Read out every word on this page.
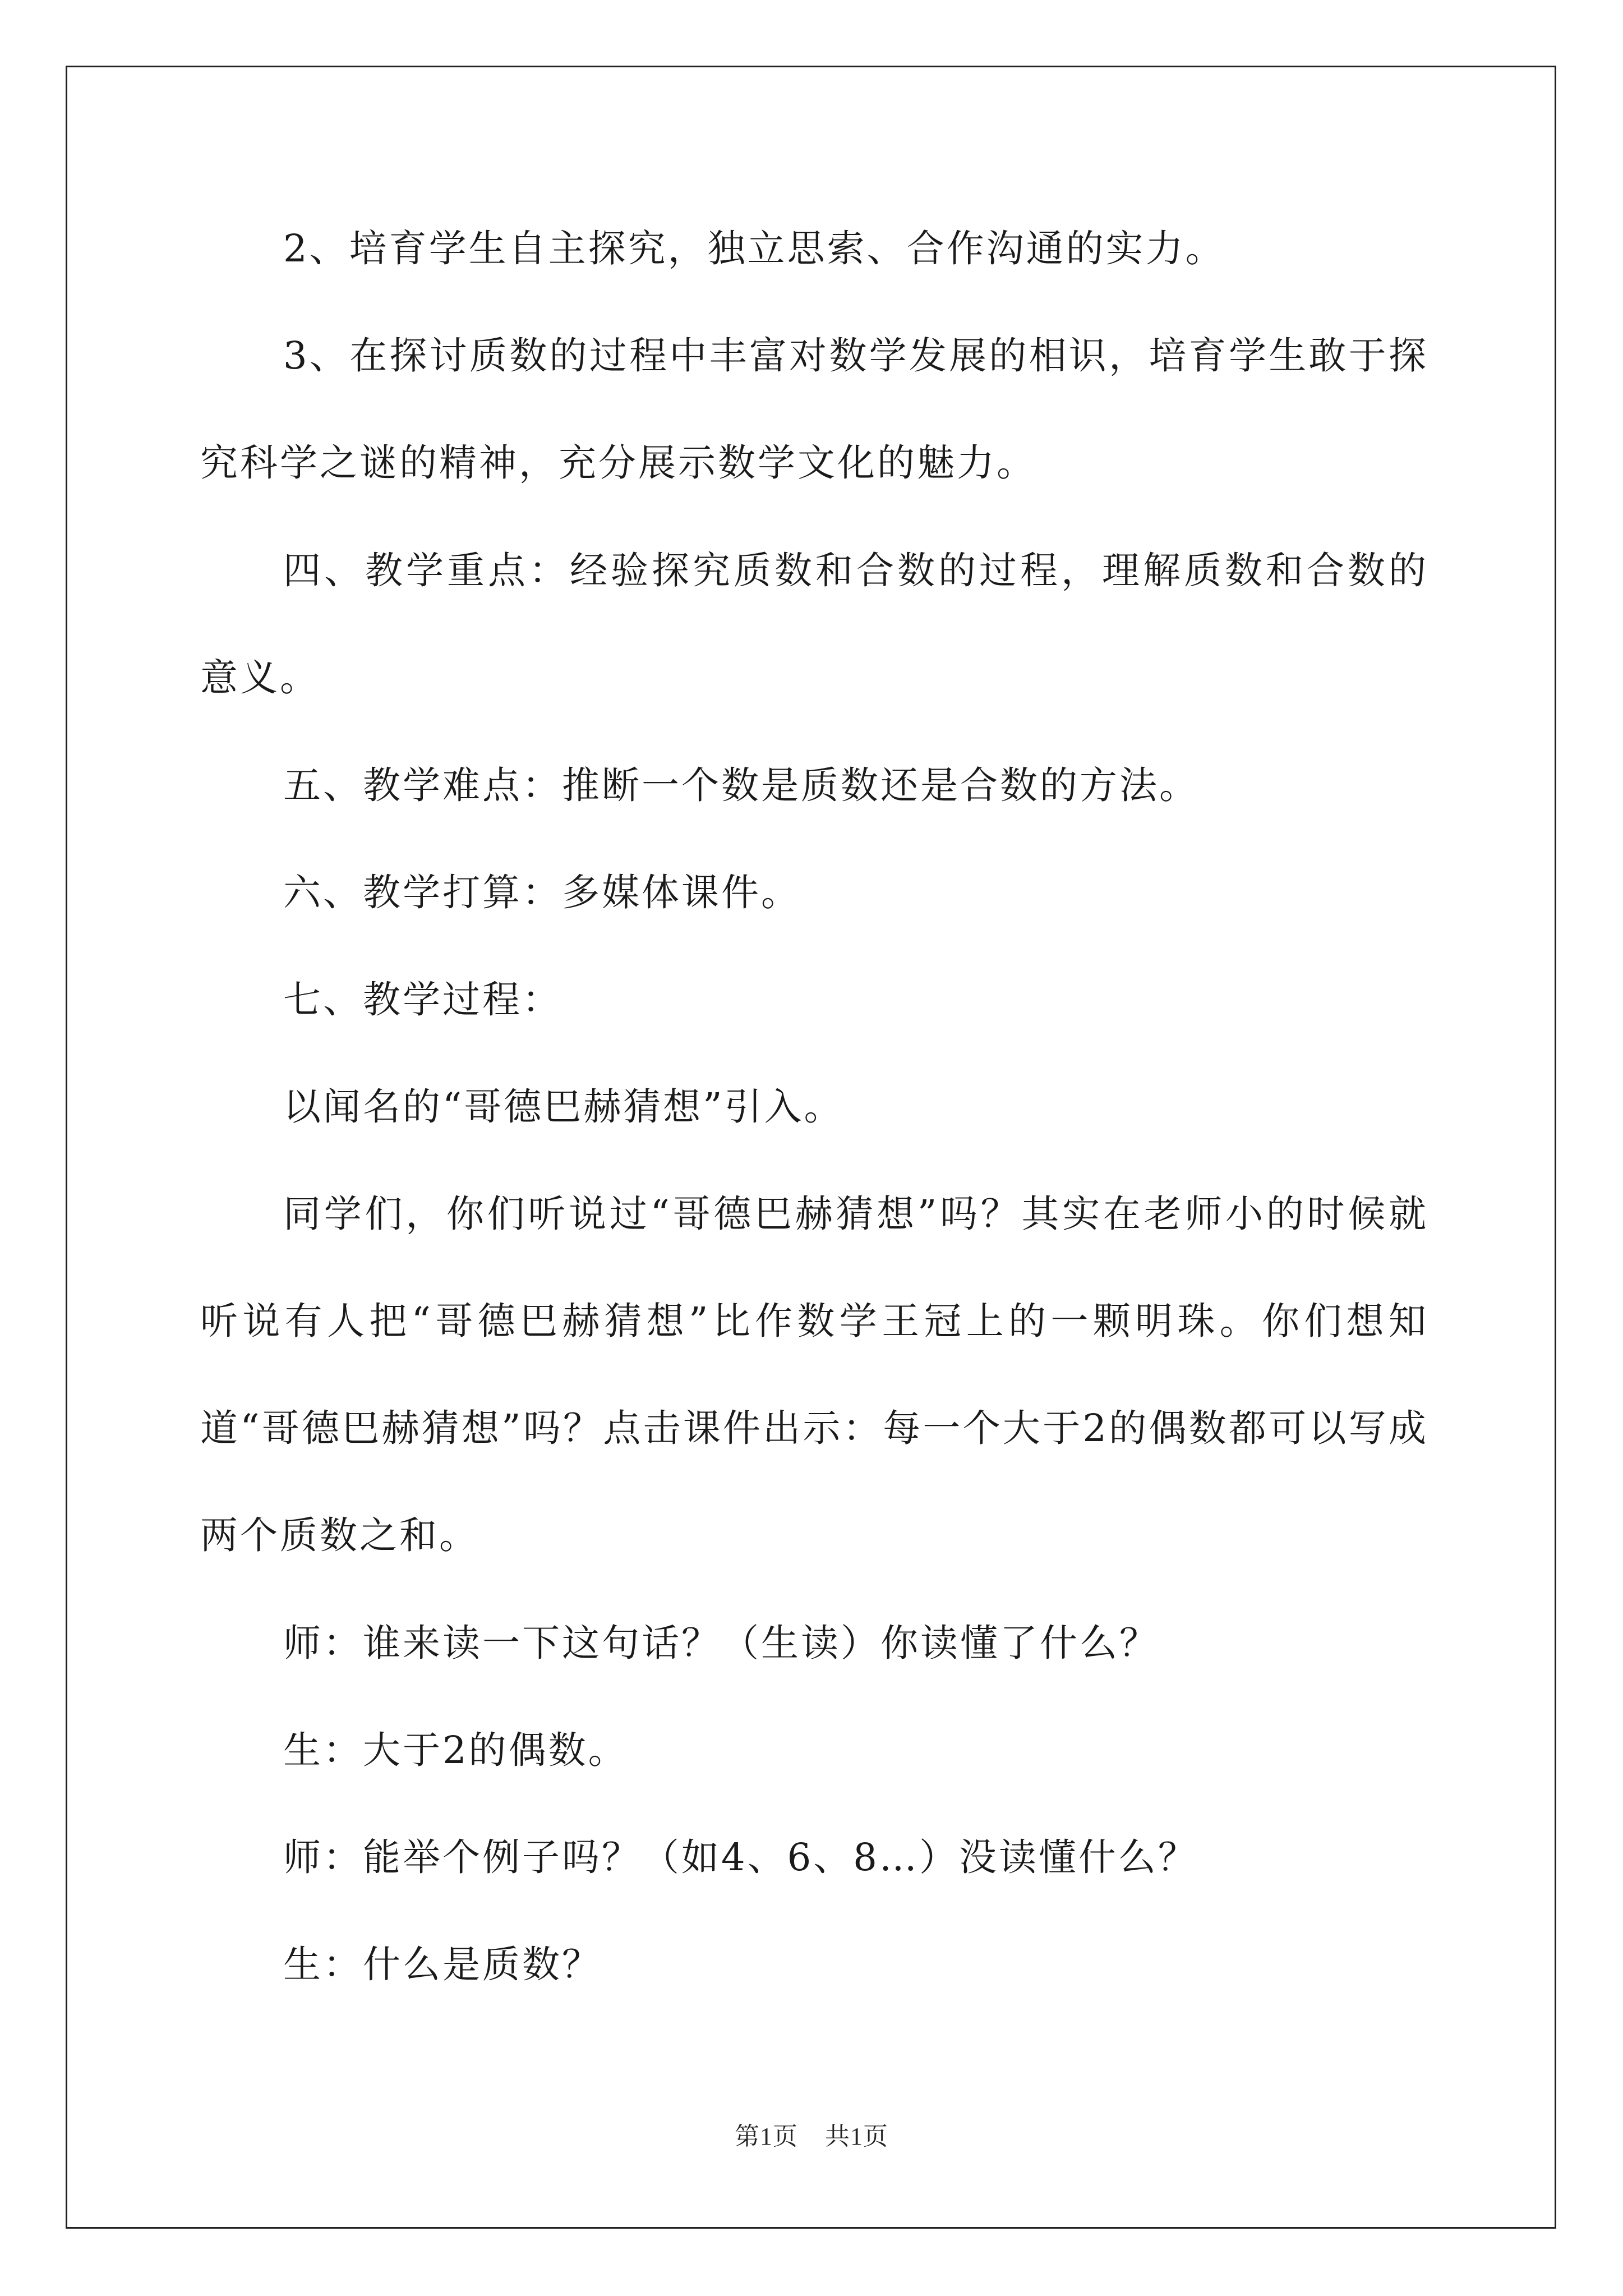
2、培育学生自主探究，独立思索、合作沟通的实力。

3、在探讨质数的过程中丰富对数学发展的相识，培育学生敢于探究科学之谜的精神，充分展示数学文化的魅力。

四、教学重点：经验探究质数和合数的过程，理解质数和合数的意义。

五、教学难点：推断一个数是质数还是合数的方法。

六、教学打算：多媒体课件。

七、教学过程：

以闻名的“哥德巴赫猜想”引入。

同学们，你们听说过“哥德巴赫猜想”吗？其实在老师小的时候就听说有人把“哥德巴赫猜想”比作数学王冠上的一颗明珠。你们想知道“哥德巴赫猜想”吗？点击课件出示：每一个大于2的偶数都可以写成两个质数之和。

师：谁来读一下这句话？（生读）你读懂了什么？

生：大于2的偶数。

师：能举个例子吗？（如4、6、8…）没读懂什么？

生：什么是质数？

第1页 共1页
